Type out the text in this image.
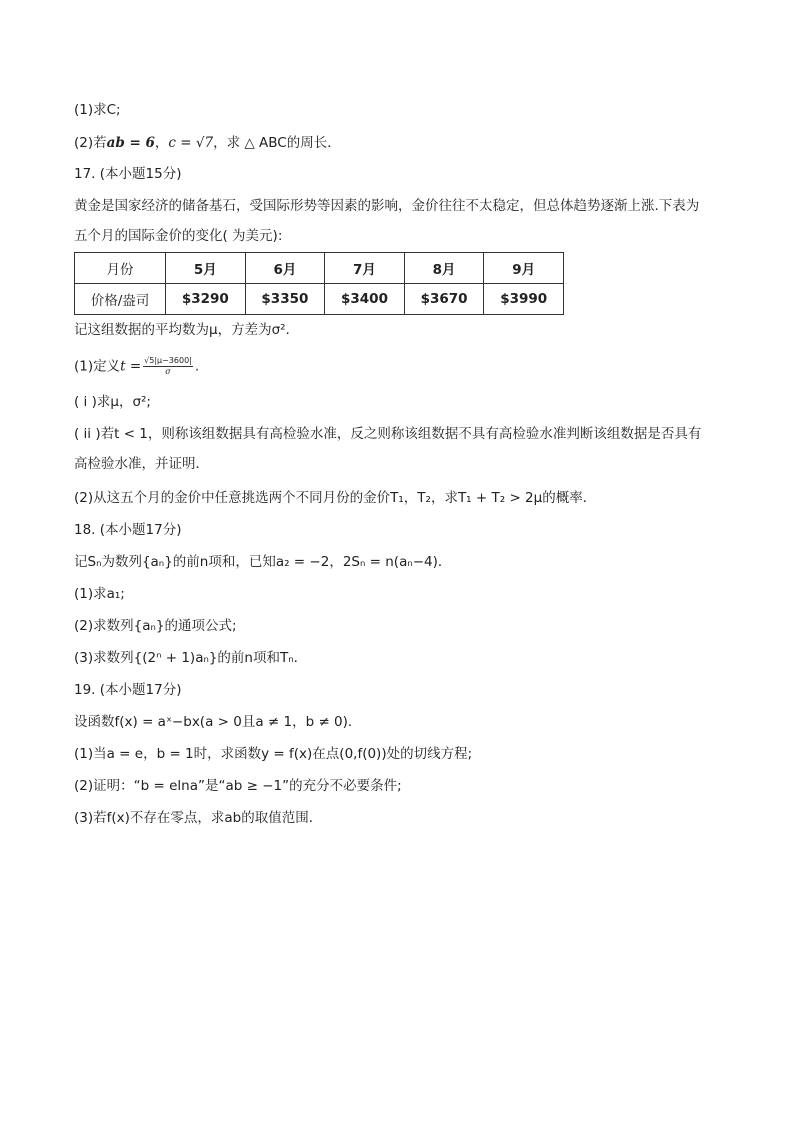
(1)求C;
(2)若ab = 6，c = √7，求 △ ABC的周长．
17. (本小题15分)
黄金是国家经济的储备基石，受国际形势等因素的影响，金价往往不太稳定，但总体趋势逐渐上涨.下表为
五个月的国际金价的变化( 为美元):
月份	5月	6月	7月	8月	9月
价格/盎司	$3290	$3350	$3400	$3670	$3990
记这组数据的平均数为μ，方差为σ².
(1)定义$t = \frac{√5|\mu-3600|}{\sigma}$ .
( i )求μ，σ²;
( ii )若t < 1，则称该组数据具有高检验水准，反之则称该组数据不具有高检验水准判断该组数据是否具有
高检验水准，并证明．
(2)从这五个月的金价中任意挑选两个不同月份的金价T₁，T₂，求T₁ + T₂ > 2μ的概率．
18. (本小题17分)
记Sₙ为数列{aₙ}的前n项和，已知a₂ = −2，2Sₙ = n(aₙ−4)．
(1)求a₁;
(2)求数列{aₙ}的通项公式;
(3)求数列{(2ⁿ + 1)aₙ}的前n项和Tₙ．
19. (本小题17分)
设函数f(x) = aˣ−bx(a > 0且a ≠ 1，b ≠ 0)．
(1)当a = e，b = 1时，求函数y = f(x)在点(0,f(0))处的切线方程;
(2)证明：“b = elna”是“ab ≥ −1”的充分不必要条件;
(3)若f(x)不存在零点，求ab的取值范围．
